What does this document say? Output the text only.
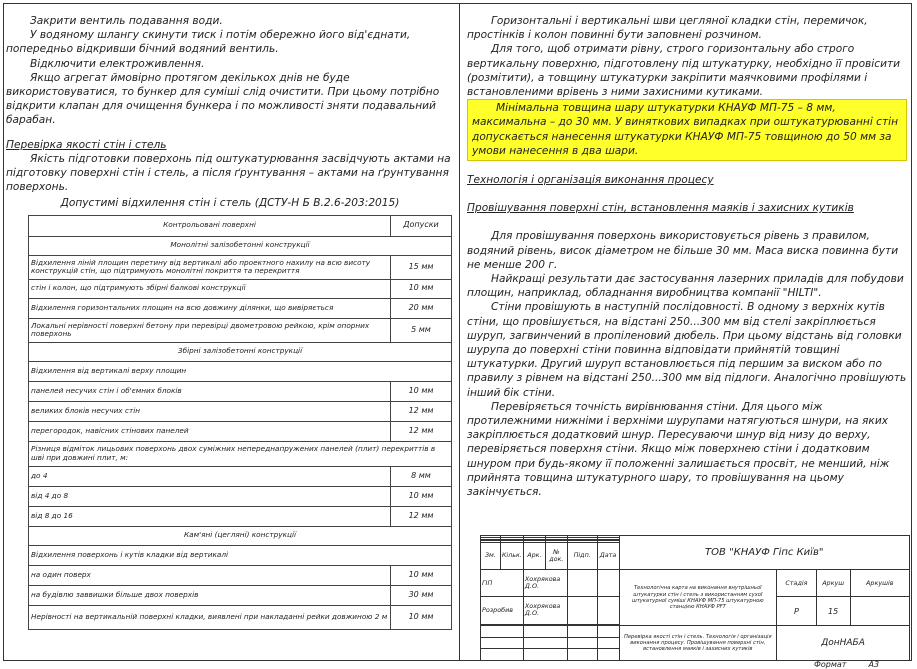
Закрити вентиль подавання води.

У водяному шлангу скинути тиск і потім обережно його від'єднати, попередньо відкривши бічний водяний вентиль.

Відключити електроживлення.

Якщо агрегат ймовірно протягом декількох днів не буде використовуватися, то бункер для суміші слід очистити. При цьому потрібно відкрити клапан для очищення бункера і по можливості зняти подавальний барабан.

Перевірка якості стін і стель

Якість підготовки поверхонь під оштукатурювання засвідчують актами на підготовку поверхні стін і стель, а після ґрунтування – актами на ґрунтування поверхонь.

Допустимі відхилення стін і стель (ДСТУ-Н Б В.2.6-203:2015)

Контрольовані поверхні	Допуски
Монолітні залізобетонні конструкції	
Відхилення ліній площин перетину від вертикалі або проектного нахилу на всю висоту конструкцій стін, що підтримують монолітні покриття та перекриття	15 мм
стін і колон, що підтримують збірні балкові конструкції	10 мм
Відхилення горизонтальних площин на всю довжину ділянки, що вивіряється	20 мм
Локальні нерівності поверхні бетону при перевірці двометровою рейкою, крім опорних поверхонь	5 мм
Збірні залізобетонні конструкції	
Відхилення від вертикалі верху площин	
панелей несучих стін і об'ємних блоків	10 мм
великих блоків несучих стін	12 мм
перегородок, навісних стінових панелей	12 мм
Різниця відміток лицьових поверхонь двох суміжних непереднапружених панелей (плит) перекриттів в шві при довжині плит, м:	
до 4	8 мм
від 4 до 8	10 мм
від 8 до 16	12 мм
Кам'яні (цегляні) конструкції	
Відхилення поверхонь і кутів кладки від вертикалі	
на один поверх	10 мм
на будівлю заввишки більше двох поверхів	30 мм
Нерівності на вертикальній поверхні кладки, виявлені при накладанні рейки довжиною 2 м	10 мм

Горизонтальні і вертикальні шви цегляної кладки стін, перемичок, простінків і колон повинні бути заповнені розчином.

Для того, щоб отримати рівну, строго горизонтальну або строго вертикальну поверхню, підготовлену під штукатурку, необхідно її провісити (розмітити), а товщину штукатурки закріпити маячковими профілями і встановленими врівень з ними захисними кутиками.

Мінімальна товщина шару штукатурки КНАУФ МП-75 – 8 мм, максимальна – до 30 мм. У виняткових випадках при оштукатурюванні стін допускається нанесення штукатурки КНАУФ МП-75 товщиною до 50 мм за умови нанесення в два шари.

Технологія і організація виконання процесу

Провішування поверхні стін, встановлення маяків і захисних кутиків

Для провішування поверхонь використовується рівень з правилом, водяний рівень, висок діаметром не більше 30 мм. Маса виска повинна бути не менше 200 г.

Найкращі результати дає застосування лазерних приладів для побудови площин, наприклад, обладнання виробництва компанії "HILTI".

Стіни провішують в наступній послідовності. В одному з верхніх кутів стіни, що провішується, на відстані 250...300 мм від стелі закріплюється шуруп, загвинчений в пропіленовий дюбель. При цьому відстань від головки шурупа до поверхні стіни повинна відповідати прийнятій товщині штукатурки. Другий шуруп встановлюється під першим за виском або по правилу з рівнем на відстані 250...300 мм від підлоги. Аналогічно провішують інший бік стіни.

Перевіряється точність вирівнювання стіни. Для цього між протилежними нижніми і верхніми шурупами натягуються шнури, на яких закріплюється додатковий шнур. Пересуваючи шнур від низу до верху, перевіряється поверхня стіни. Якщо між поверхнею стіни і додатковим шнуром при будь-якому її положенні залишається просвіт, не менший, ніж прийнята товщина штукатурного шару, то провішування на цьому закінчується.

						ТОВ "КНАУФ Гіпс Київ"			

Зм.	Кільк.	Арк.	№ док.	Підп.	Дата				
ГІП		Хохрякова Д.О.				Технологічна карта на виконання внутрішньої штукатурки стін і стель з використанням сухої штукатурної суміші КНАУФ МП-75 штукатурною станцією КНАУФ PFT	Стадія	Аркуш	Аркушів
Розробив		Хохрякова Д.О.					Р	15	

						Перевірка якості стін і стель. Технологія і організація виконання процесу. Провішування поверхні стін, встановлення маяків і захисних кутиків	ДонНАБА		

Формат	А3
